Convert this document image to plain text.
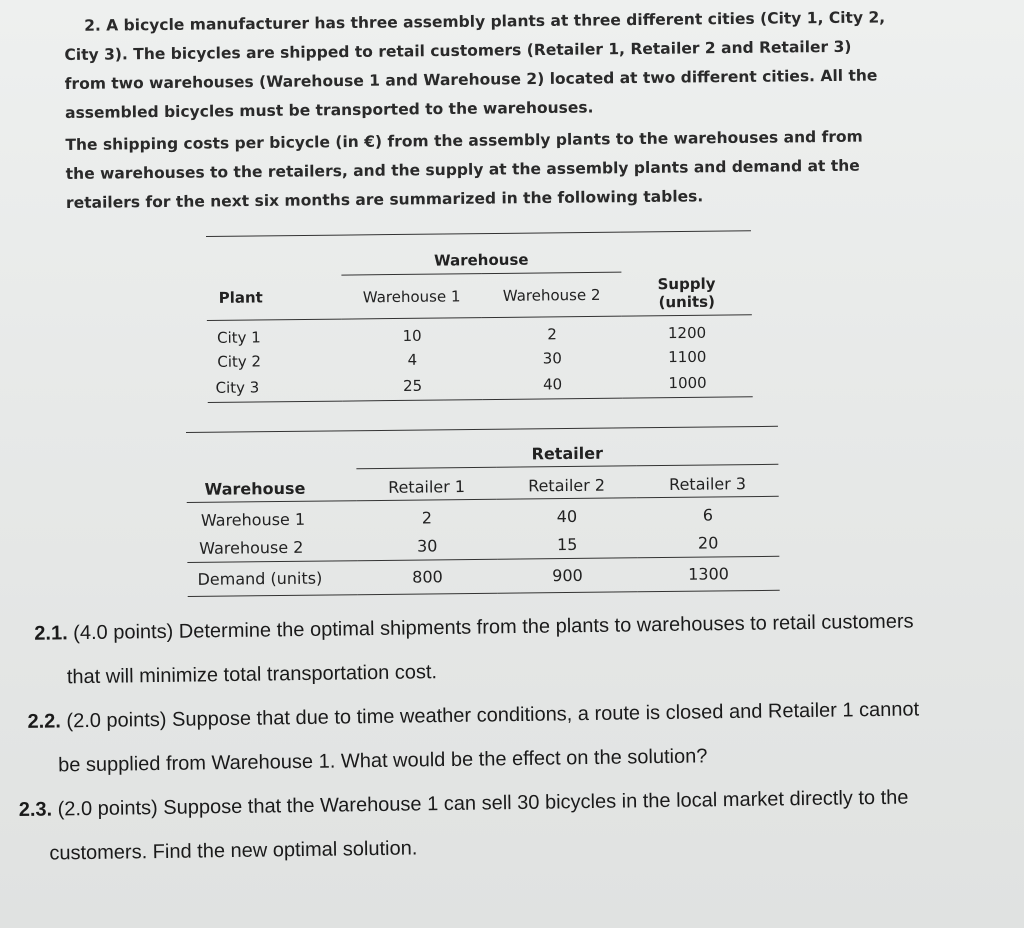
2. A bicycle manufacturer has three assembly plants at three different cities (City 1, City 2, City 3). The bicycles are shipped to retail customers (Retailer 1, Retailer 2 and Retailer 3) from two warehouses (Warehouse 1 and Warehouse 2) located at two different cities. All the assembled bicycles must be transported to the warehouses.

The shipping costs per bicycle (in €) from the assembly plants to the warehouses and from the warehouses to the retailers, and the supply at the assembly plants and demand at the retailers for the next six months are summarized in the following tables.

	Warehouse		
Plant	Warehouse 1	Warehouse 2	Supply
(units)
City 1	10	2	1200
City 2	4	30	1100
City 3	25	40	1000

	Retailer		
Warehouse	Retailer 1	Retailer 2	Retailer 3
Warehouse 1	2	40	6
Warehouse 2	30	15	20
Demand (units)	800	900	1300

2.1. (4.0 points) Determine the optimal shipments from the plants to warehouses to retail customers

that will minimize total transportation cost.

2.2. (2.0 points) Suppose that due to time weather conditions, a route is closed and Retailer 1 cannot

be supplied from Warehouse 1. What would be the effect on the solution?

2.3. (2.0 points) Suppose that the Warehouse 1 can sell 30 bicycles in the local market directly to the

customers. Find the new optimal solution.
